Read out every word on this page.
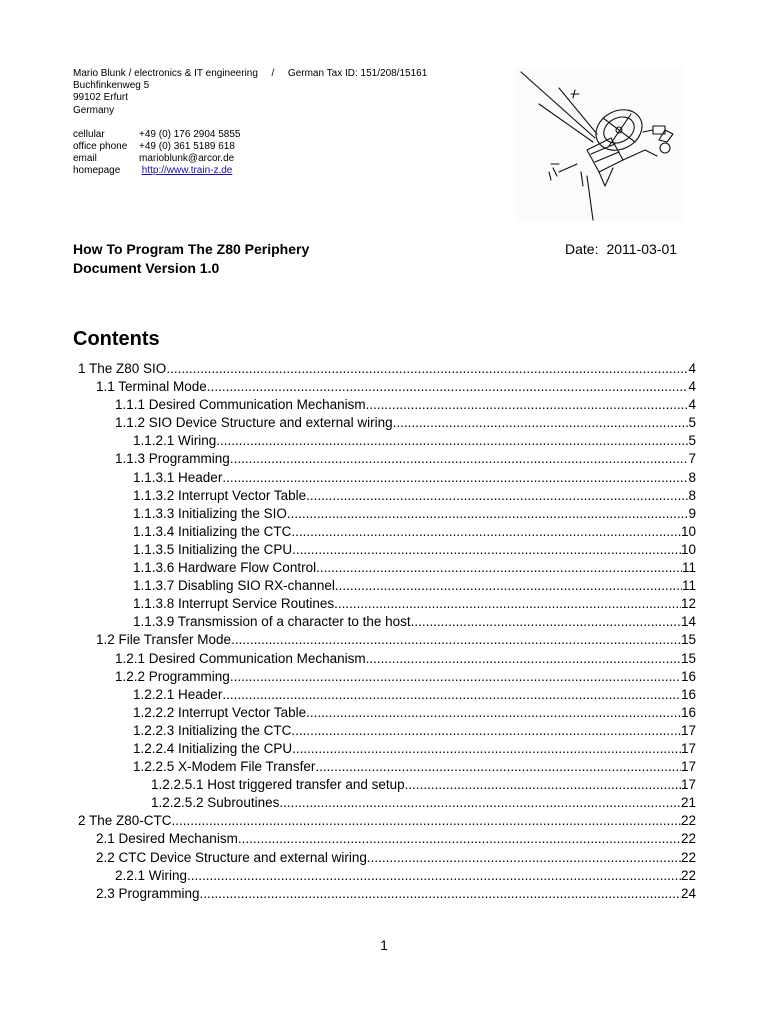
Mario Blunk / electronics & IT engineering / German Tax ID: 151/208/15161
Buchfinkenweg 5
99102 Erfurt
Germany
cellular	+49 (0) 176 2904 5855
office phone +49 (0) 361 5189 618
email	marioblunk@arcor.de
homepage http://www.train-z.de
How To Program The Z80 Periphery
Document Version 1.0
Date: 2011-03-01
Contents
1 The Z80 SIO .....	4
1.1 Terminal Mode .....	4
1.1.1 Desired Communication Mechanism .....	4
1.1.2 SIO Device Structure and external wiring .....	5
1.1.2.1 Wiring .....	5
1.1.3 Programming .....	7
1.1.3.1 Header .....	8
1.1.3.2 Interrupt Vector Table .....	8
1.1.3.3 Initializing the SIO .....	9
1.1.3.4 Initializing the CTC .....	10
1.1.3.5 Initializing the CPU .....	10
1.1.3.6 Hardware Flow Control .....	11
1.1.3.7 Disabling SIO RX-channel .....	11
1.1.3.8 Interrupt Service Routines .....	12
1.1.3.9 Transmission of a character to the host .....	14
1.2 File Transfer Mode .....	15
1.2.1 Desired Communication Mechanism .....	15
1.2.2 Programming .....	16
1.2.2.1 Header .....	16
1.2.2.2 Interrupt Vector Table .....	16
1.2.2.3 Initializing the CTC .....	17
1.2.2.4 Initializing the CPU .....	17
1.2.2.5 X-Modem File Transfer .....	17
1.2.2.5.1 Host triggered transfer and setup .....	17
1.2.2.5.2 Subroutines .....	21
2 The Z80-CTC .....	22
2.1 Desired Mechanism .....	22
2.2 CTC Device Structure and external wiring .....	22
2.2.1 Wiring .....	22
2.3 Programming .....	24
1
